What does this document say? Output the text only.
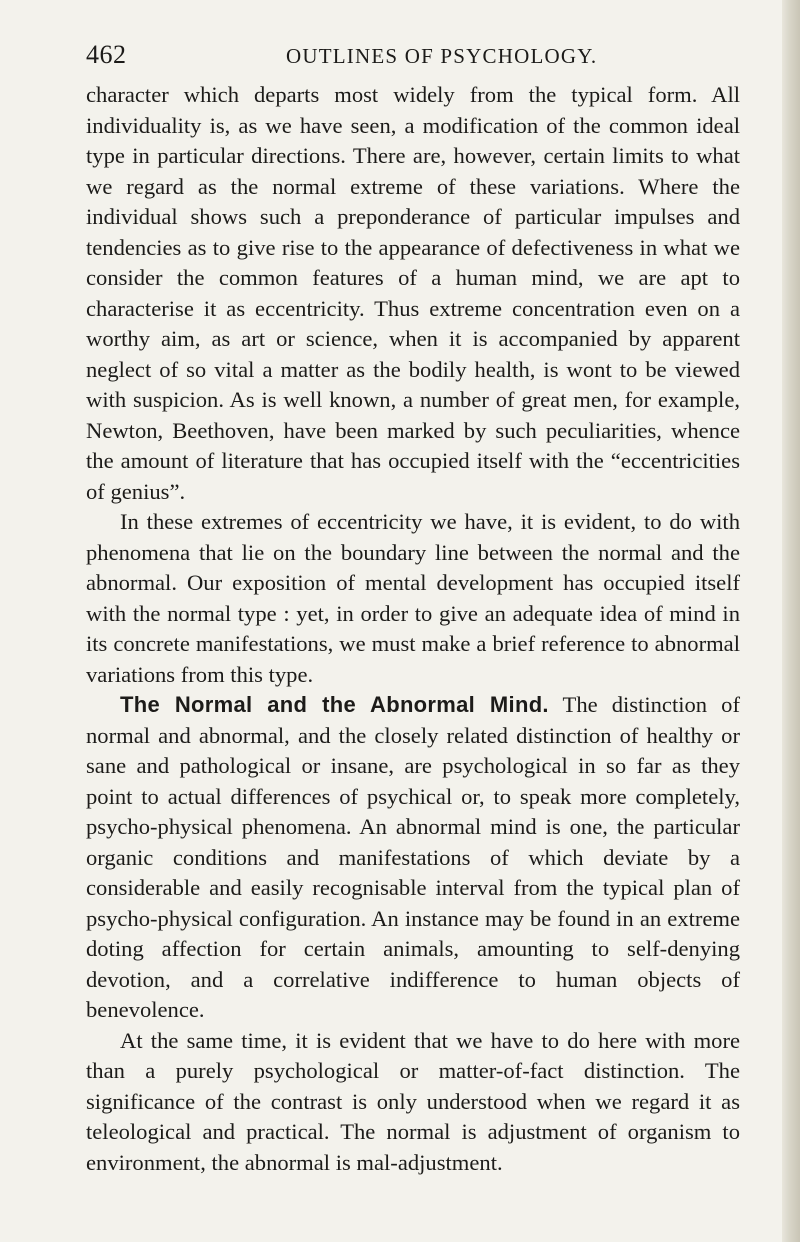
462	OUTLINES OF PSYCHOLOGY.

character which departs most widely from the typical form. All individuality is, as we have seen, a modification of the common ideal type in particular directions. There are, however, certain limits to what we regard as the normal extreme of these variations. Where the individual shows such a preponderance of particular impulses and tendencies as to give rise to the appearance of defectiveness in what we consider the common features of a human mind, we are apt to characterise it as eccentricity. Thus extreme concentration even on a worthy aim, as art or science, when it is accompanied by apparent neglect of so vital a matter as the bodily health, is wont to be viewed with suspicion. As is well known, a number of great men, for example, Newton, Beethoven, have been marked by such peculiarities, whence the amount of literature that has occupied itself with the “eccentricities of genius”.

In these extremes of eccentricity we have, it is evident, to do with phenomena that lie on the boundary line between the normal and the abnormal. Our exposition of mental development has occupied itself with the normal type : yet, in order to give an adequate idea of mind in its concrete manifestations, we must make a brief reference to abnormal variations from this type.

The Normal and the Abnormal Mind. The distinction of normal and abnormal, and the closely related distinction of healthy or sane and pathological or insane, are psychological in so far as they point to actual differences of psychical or, to speak more completely, psycho-physical phenomena. An abnormal mind is one, the particular organic conditions and manifestations of which deviate by a considerable and easily recognisable interval from the typical plan of psycho-physical configuration. An instance may be found in an extreme doting affection for certain animals, amounting to self-denying devotion, and a correlative indifference to human objects of benevolence.

At the same time, it is evident that we have to do here with more than a purely psychological or matter-of-fact distinction. The significance of the contrast is only understood when we regard it as teleological and practical. The normal is adjustment of organism to environment, the abnormal is mal-adjustment.
